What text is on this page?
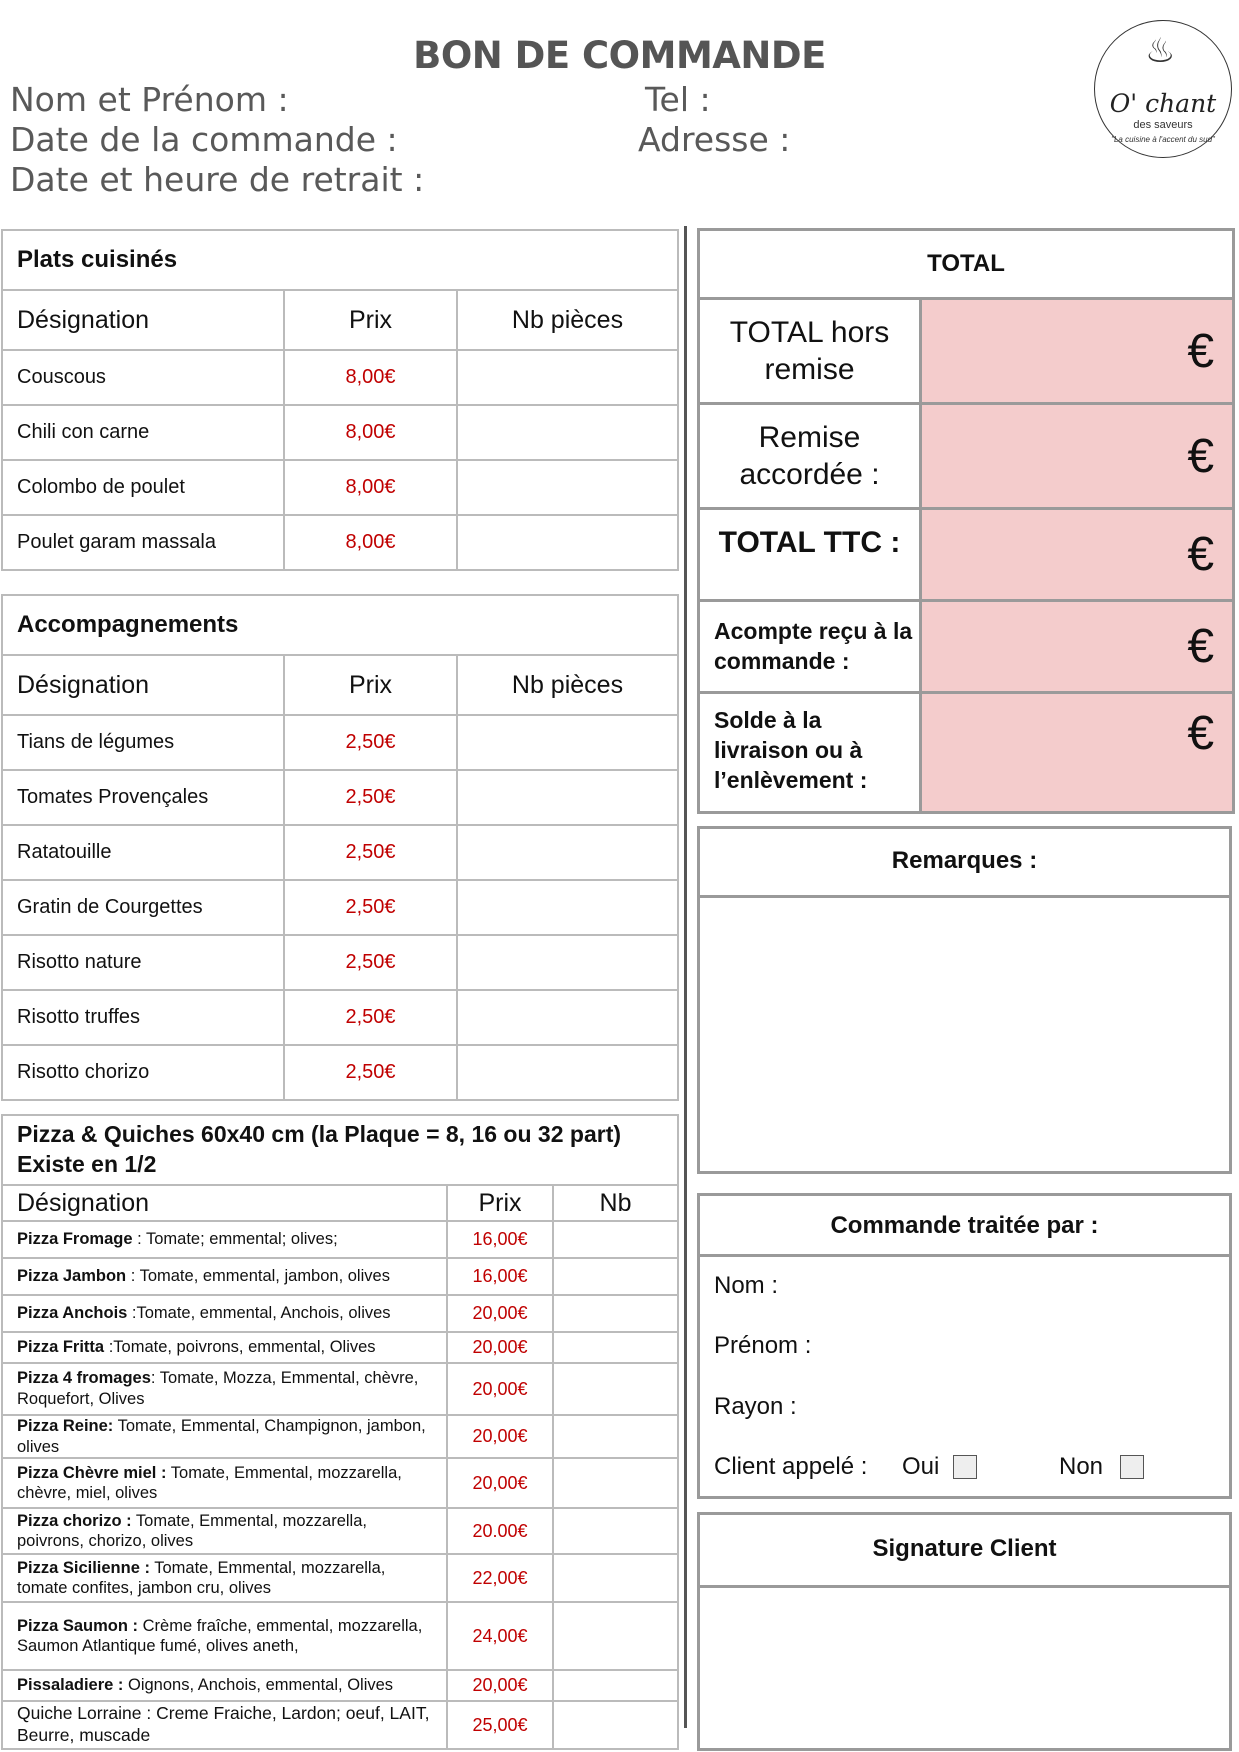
BON DE COMMANDE
Nom et Prénom :	Tel :
Date de la commande :	Adresse :
Date et heure de retrait :
♨
O' chant
des saveurs
"La cuisine à l'accent du sud"
Plats cuisinés		
Désignation	Prix	Nb pièces
Couscous	8,00€	
Chili con carne	8,00€	
Colombo de poulet	8,00€	
Poulet garam massala	8,00€	
Accompagnements		
Désignation	Prix	Nb pièces
Tians de légumes	2,50€	
Tomates Provençales	2,50€	
Ratatouille	2,50€	
Gratin de Courgettes	2,50€	
Risotto nature	2,50€	
Risotto truffes	2,50€	
Risotto chorizo	2,50€	
Pizza & Quiches 60x40 cm (la Plaque = 8, 16 ou 32 part) Existe en 1/2		
Désignation	Prix	Nb
Pizza Fromage : Tomate; emmental; olives;	16,00€	
Pizza Jambon : Tomate, emmental, jambon, olives	16,00€	
Pizza Anchois :Tomate, emmental, Anchois, olives	20,00€	
Pizza Fritta :Tomate, poivrons, emmental, Olives	20,00€	
Pizza 4 fromages: Tomate, Mozza, Emmental, chèvre, Roquefort, Olives	20,00€	
Pizza Reine: Tomate, Emmental, Champignon, jambon, olives	20,00€	
Pizza Chèvre miel : Tomate, Emmental, mozzarella, chèvre, miel, olives	20,00€	
Pizza chorizo : Tomate, Emmental, mozzarella, poivrons, chorizo, olives	20.00€	
Pizza Sicilienne : Tomate, Emmental, mozzarella, tomate confites, jambon cru, olives	22,00€	
Pizza Saumon : Crème fraîche, emmental, mozzarella, Saumon Atlantique fumé, olives aneth,	24,00€	
Pissaladiere : Oignons, Anchois, emmental, Olives	20,00€	
Quiche Lorraine : Creme Fraiche, Lardon; oeuf, LAIT, Beurre, muscade	25,00€	
TOTAL	
TOTAL hors remise	€
Remise accordée :	€
TOTAL TTC :	€
Acompte reçu à la commande :	€
Solde à la livraison ou à l’enlèvement :	€
Remarques :
Commande traitée par :
Nom :
Prénom :
Rayon :
Client appelé : Oui	Non
Signature Client
